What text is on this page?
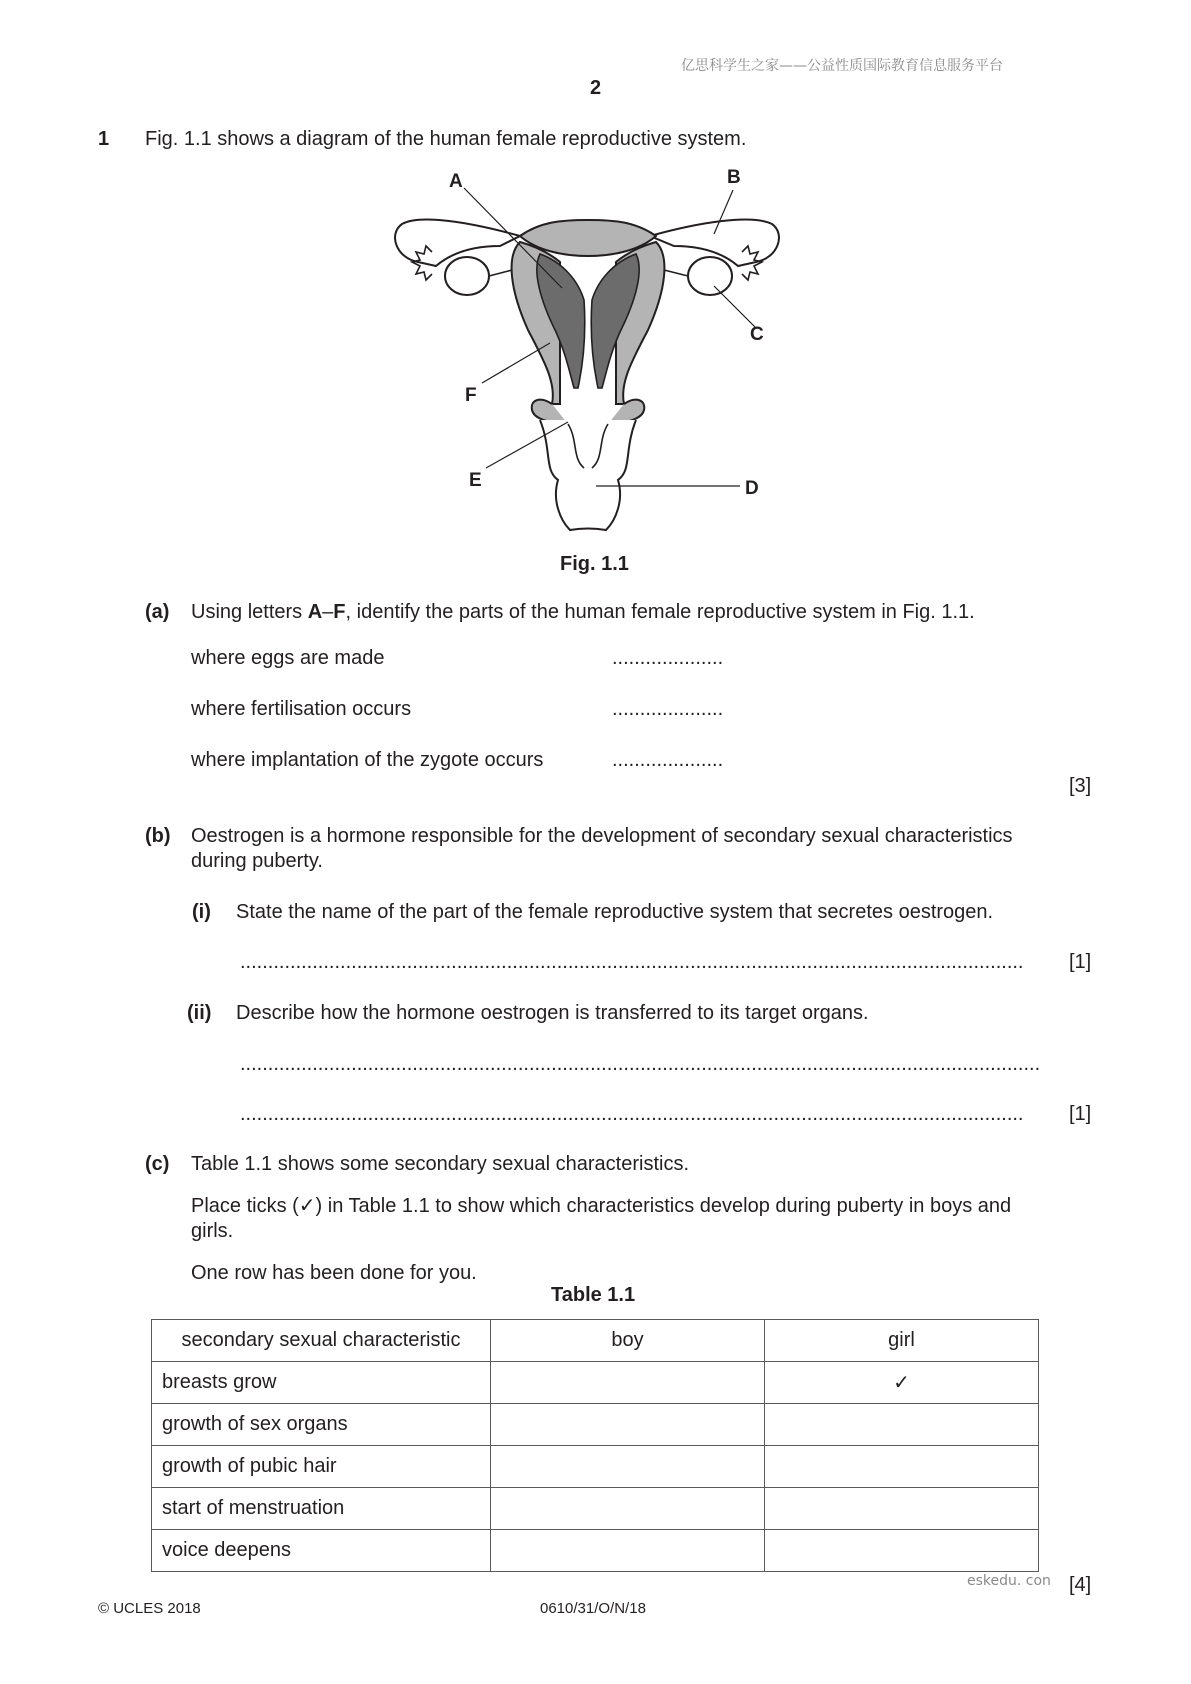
亿思科学生之家——公益性质国际教育信息服务平台
2
1 Fig. 1.1 shows a diagram of the human female reproductive system.
A	B
C
D
E
F
Fig. 1.1
(a) Using letters A–F, identify the parts of the human female reproductive system in Fig. 1.1.
where eggs are made	....................
where fertilisation occurs	....................
where implantation of the zygote occurs	....................
[3]
(b) Oestrogen is a hormone responsible for the development of secondary sexual characteristics
during puberty.
(i) State the name of the part of the female reproductive system that secretes oestrogen.
.............................................................................................................................................	[1]
(ii) Describe how the hormone oestrogen is transferred to its target organs.
................................................................................................................................................
.............................................................................................................................................	[1]
(c) Table 1.1 shows some secondary sexual characteristics.
Place ticks (✓) in Table 1.1 to show which characteristics develop during puberty in boys and
girls.
One row has been done for you.
Table 1.1
secondary sexual characteristic	boy	girl
breasts grow		✓
growth of sex organs		
growth of pubic hair		
start of menstruation		
voice deepens		
eskedu. con [4]
© UCLES 2018	0610/31/O/N/18
